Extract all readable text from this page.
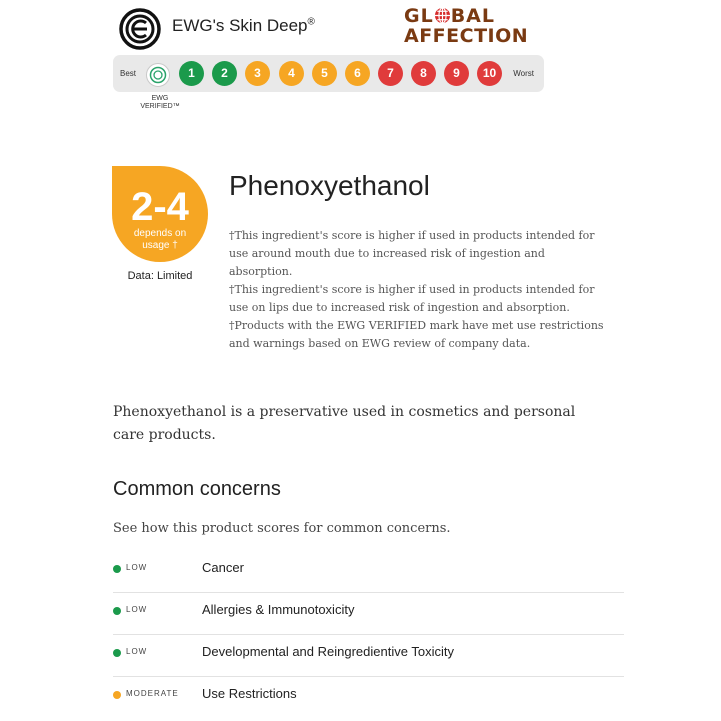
EWG's Skin Deep®	GL BAL
AFFECTION
Best	1	2	3	4	5	6	7	8	9	10	Worst
EWG
VERIFIED™
2-4
depends on
usage †
Data: Limited
Phenoxyethanol

†This ingredient's score is higher if used in products intended for use around mouth due to increased risk of ingestion and absorption.

†This ingredient's score is higher if used in products intended for use on lips due to increased risk of ingestion and absorption.

†Products with the EWG VERIFIED mark have met use restrictions and warnings based on EWG review of company data.

Phenoxyethanol is a preservative used in cosmetics and personal care products.
Common concerns
See how this product scores for common concerns.
LOW	Cancer
LOW	Allergies & Immunotoxicity
LOW	Developmental and Reingredientive Toxicity
MODERATE Use Restrictions
